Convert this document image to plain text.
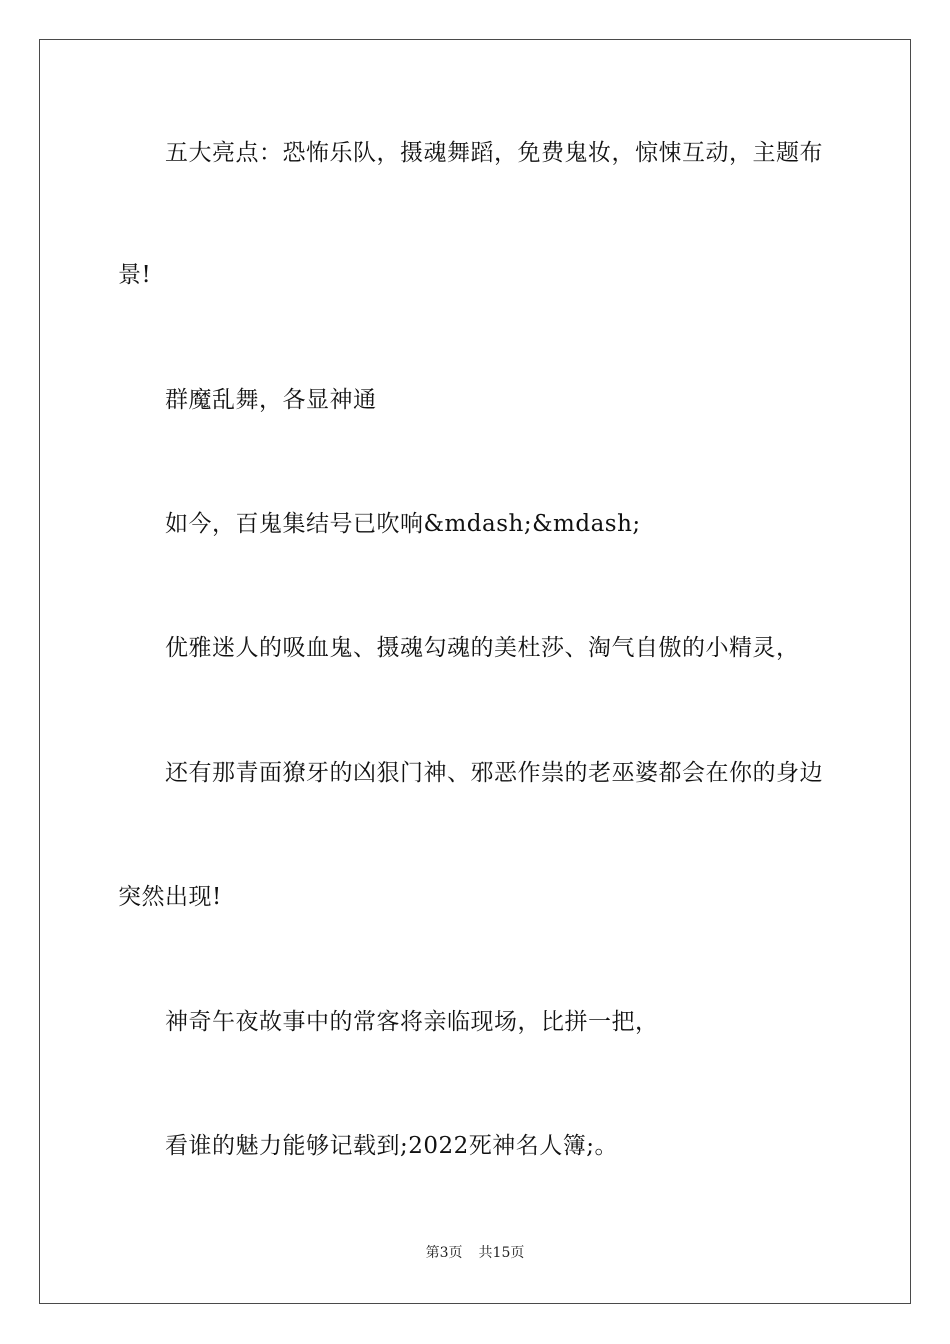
五大亮点：恐怖乐队，摄魂舞蹈，免费鬼妆，惊悚互动，主题布
景!
群魔乱舞，各显神通
如今，百鬼集结号已吹响&mdash;&mdash;
优雅迷人的吸血鬼、摄魂勾魂的美杜莎、淘气自傲的小精灵，
还有那青面獠牙的凶狠门神、邪恶作祟的老巫婆都会在你的身边
突然出现!
神奇午夜故事中的常客将亲临现场，比拼一把，
看谁的魅力能够记载到;2022死神名人簿;。
第3页 共15页
